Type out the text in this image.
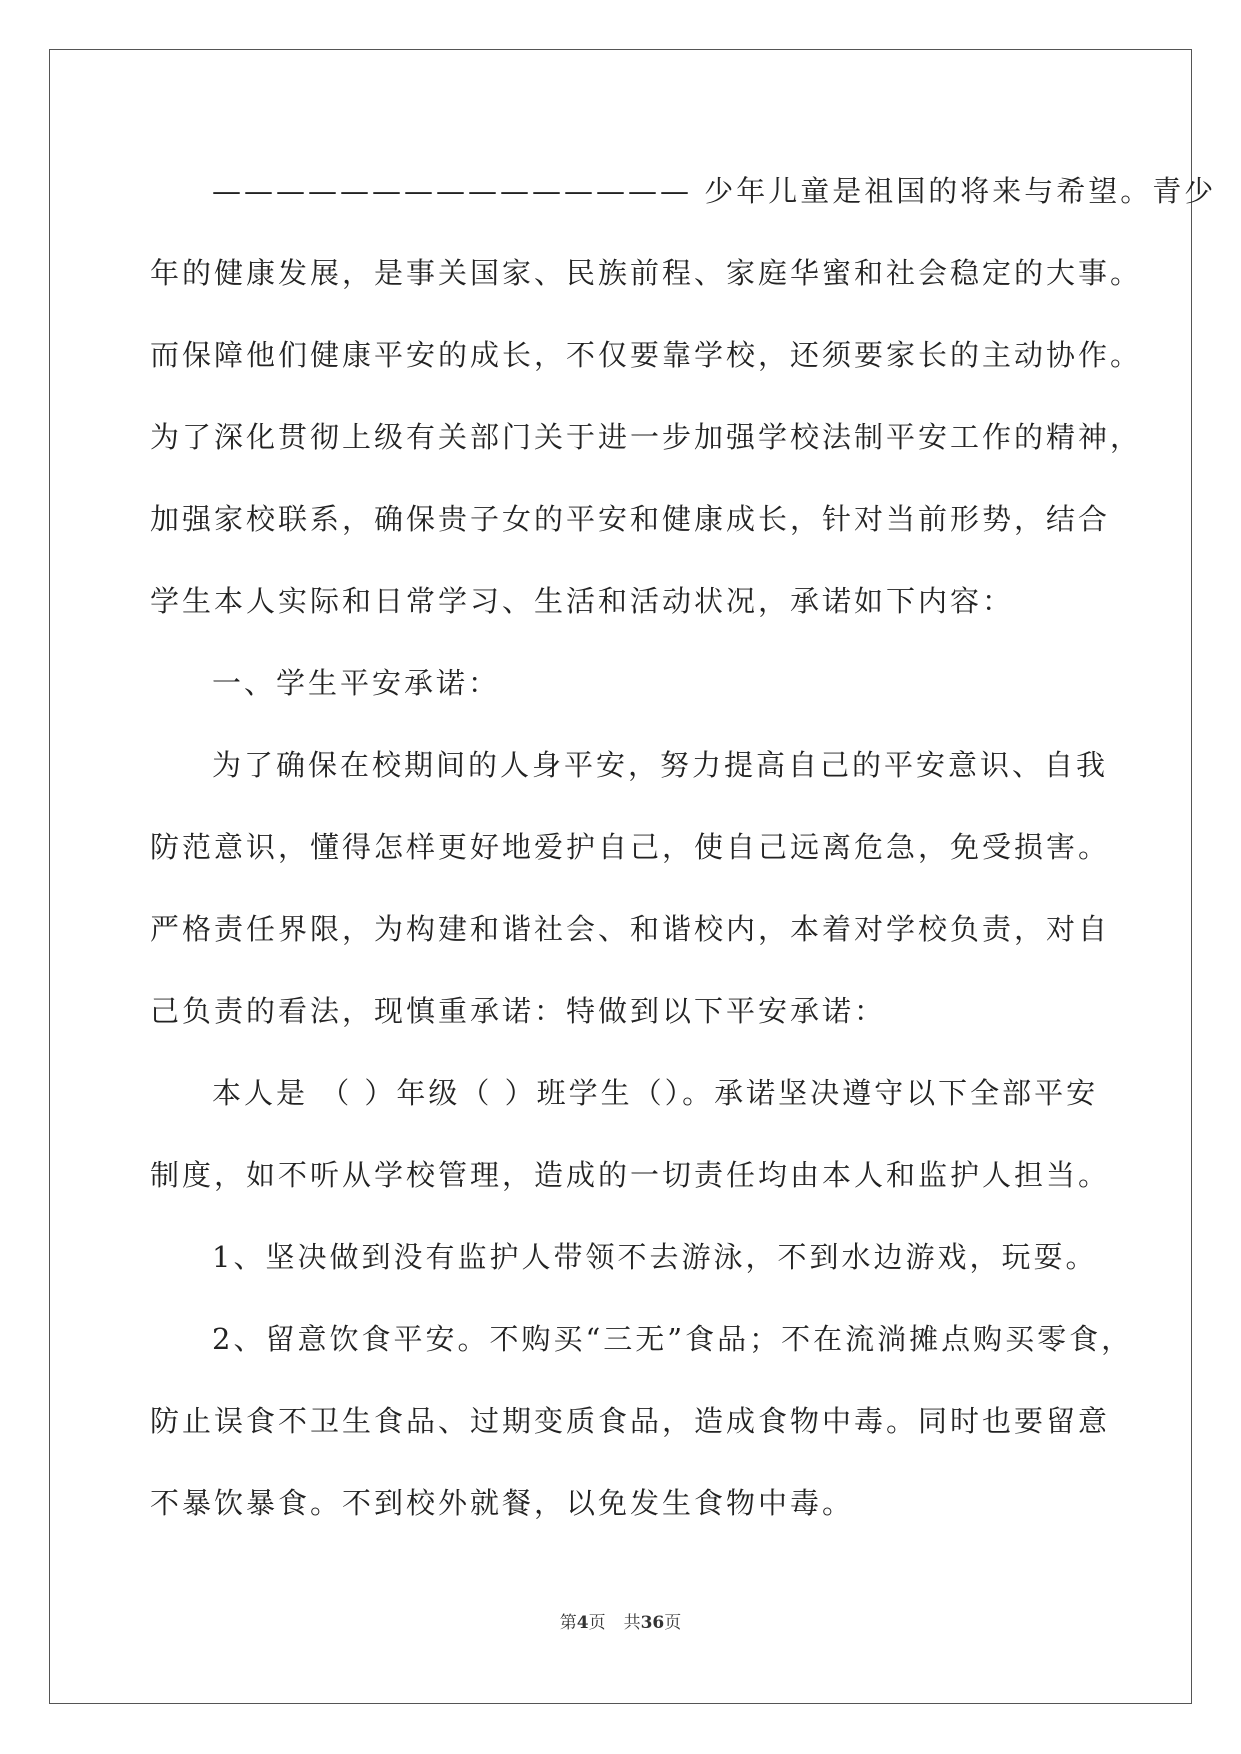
——————————————— 少年儿童是祖国的将来与希望。青少
年的健康发展，是事关国家、民族前程、家庭华蜜和社会稳定的大事。
而保障他们健康平安的成长，不仅要靠学校，还须要家长的主动协作。
为了深化贯彻上级有关部门关于进一步加强学校法制平安工作的精神，
加强家校联系，确保贵子女的平安和健康成长，针对当前形势，结合
学生本人实际和日常学习、生活和活动状况，承诺如下内容：
一、学生平安承诺：
为了确保在校期间的人身平安，努力提高自己的平安意识、自我
防范意识，懂得怎样更好地爱护自己，使自己远离危急，免受损害。
严格责任界限，为构建和谐社会、和谐校内，本着对学校负责，对自
己负责的看法，现慎重承诺：特做到以下平安承诺：
本人是 （ ）年级（ ）班学生（）。承诺坚决遵守以下全部平安
制度，如不听从学校管理，造成的一切责任均由本人和监护人担当。
1、坚决做到没有监护人带领不去游泳，不到水边游戏，玩耍。
2、留意饮食平安。不购买“三无”食品；不在流淌摊点购买零食，
防止误食不卫生食品、过期变质食品，造成食物中毒。同时也要留意
不暴饮暴食。不到校外就餐，以免发生食物中毒。
第4页 共36页
